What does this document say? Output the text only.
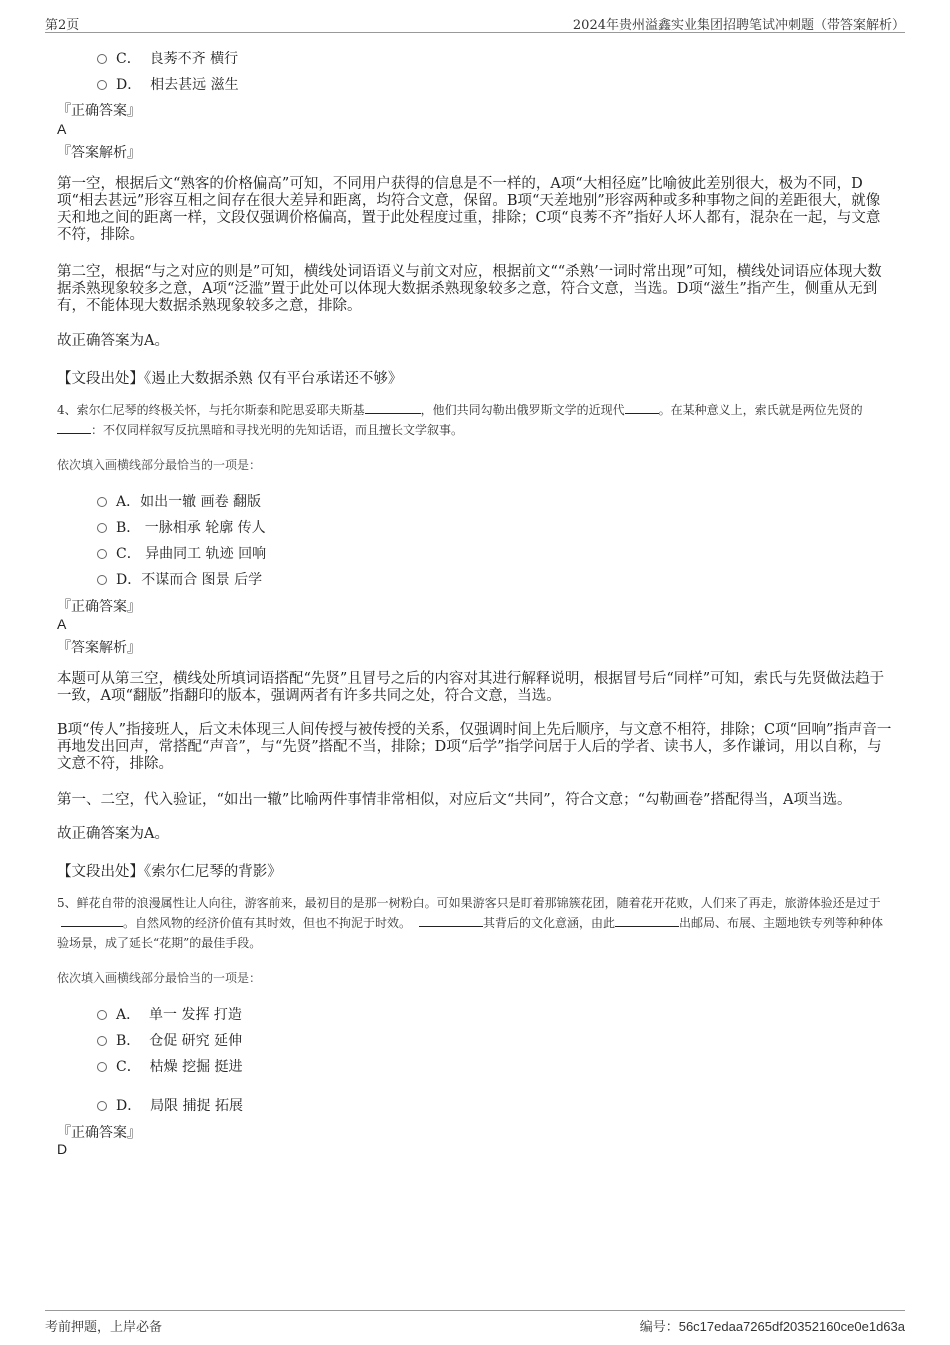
第2页	2024年贵州溢鑫实业集团招聘笔试冲刺题（带答案解析）
C． 良莠不齐 横行
D． 相去甚远 滋生
『正确答案』
A
『答案解析』
第一空，根据后文“熟客的价格偏高”可知，不同用户获得的信息是不一样的，A项“大相径庭”比喻彼此差别很大，极为不同，D项“相去甚远”形容互相之间存在很大差异和距离，均符合文意，保留。B项“天差地别”形容两种或多种事物之间的差距很大，就像天和地之间的距离一样，文段仅强调价格偏高，置于此处程度过重，排除；C项“良莠不齐”指好人坏人都有，混杂在一起，与文意不符，排除。
第二空，根据“与之对应的则是”可知，横线处词语语义与前文对应，根据前文““杀熟’一词时常出现”可知，横线处词语应体现大数据杀熟现象较多之意，A项“泛滥”置于此处可以体现大数据杀熟现象较多之意，符合文意，当选。D项“滋生”指产生，侧重从无到有，不能体现大数据杀熟现象较多之意，排除。
故正确答案为A。
【文段出处】《遏止大数据杀熟 仅有平台承诺还不够》
4、索尔仁尼琴的终极关怀，与托尔斯泰和陀思妥耶夫斯基	，他们共同勾勒出俄罗斯文学的近现代	。在某种意义上，索氏就是两位先贤的：不仅同样叙写反抗黑暗和寻找光明的先知话语，而且擅长文学叙事。
依次填入画横线部分最恰当的一项是：
A．如出一辙 画卷 翻版
B． 一脉相承 轮廓 传人
C． 异曲同工 轨迹 回响
D．不谋而合 图景 后学
『正确答案』
A
『答案解析』
本题可从第三空，横线处所填词语搭配“先贤”且冒号之后的内容对其进行解释说明，根据冒号后“同样”可知，索氏与先贤做法趋于一致，A项“翻版”指翻印的版本，强调两者有许多共同之处，符合文意，当选。
B项“传人”指接班人，后文未体现三人间传授与被传授的关系，仅强调时间上先后顺序，与文意不相符，排除；C项“回响”指声音一再地发出回声，常搭配“声音”，与“先贤”搭配不当，排除；D项“后学”指学问居于人后的学者、读书人，多作谦词，用以自称，与文意不符，排除。
第一、二空，代入验证，“如出一辙”比喻两件事情非常相似，对应后文“共同”，符合文意；“勾勒画卷”搭配得当，A项当选。
故正确答案为A。
【文段出处】《索尔仁尼琴的背影》
5、鲜花自带的浪漫属性让人向往，游客前来，最初目的是那一树粉白。可如果游客只是盯着那锦簇花团，随着花开花败，人们来了再走，旅游体验还是过于。自然风物的经济价值有其时效，但也不拘泥于时效。	其背后的文化意涵，由此	出邮局、布展、主题地铁专列等种种体验场景，成了延长“花期”的最佳手段。
依次填入画横线部分最恰当的一项是：
A． 单一 发挥 打造
B． 仓促 研究 延伸
C． 枯燥 挖掘 挺进
D． 局限 捕捉 拓展
『正确答案』
D
考前押题，上岸必备	编号：56c17edaa7265df20352160ce0e1d63a
